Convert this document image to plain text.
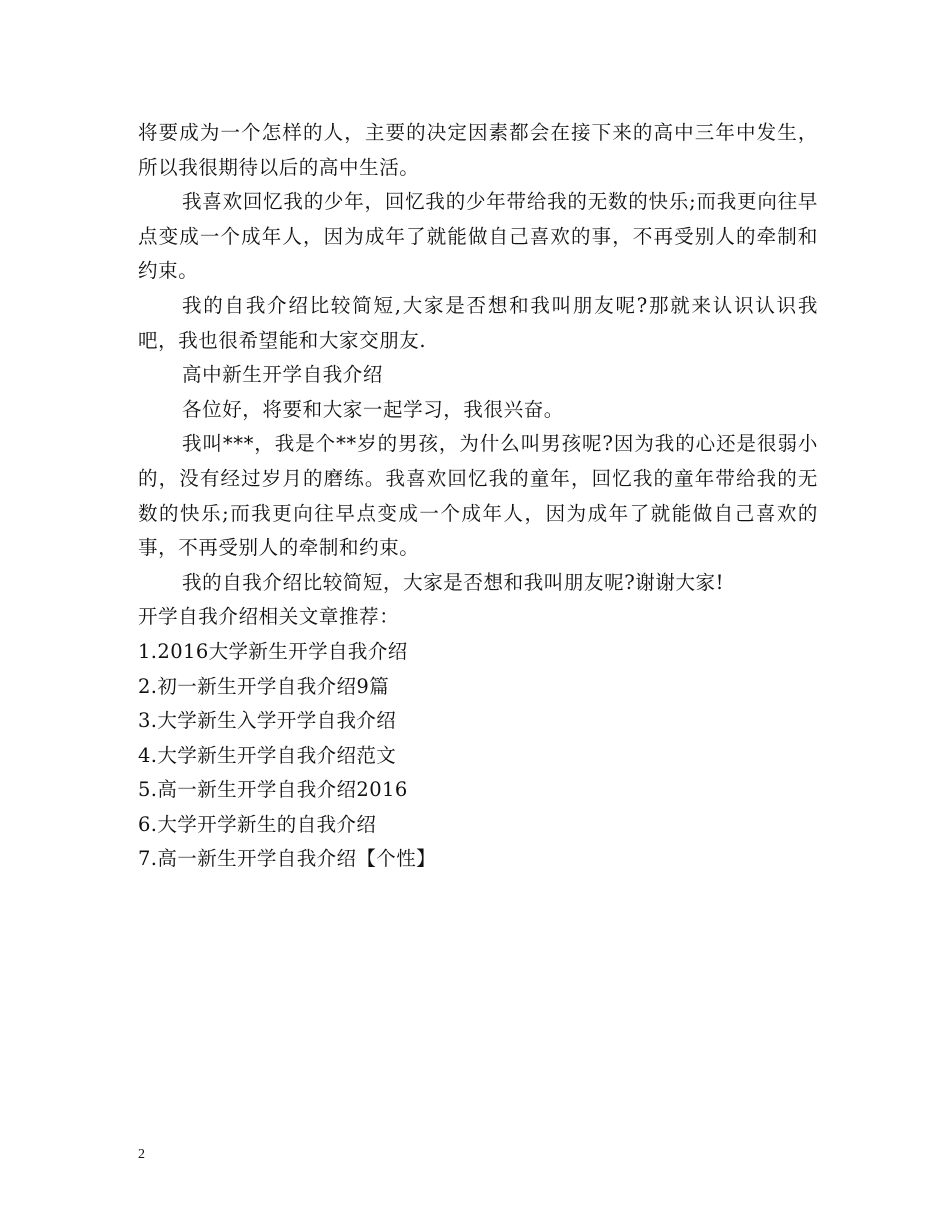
将要成为一个怎样的人，主要的决定因素都会在接下来的高中三年中发生，所以我很期待以后的高中生活。

我喜欢回忆我的少年，回忆我的少年带给我的无数的快乐;而我更向往早点变成一个成年人，因为成年了就能做自己喜欢的事，不再受别人的牵制和约束。

我的自我介绍比较简短,大家是否想和我叫朋友呢?那就来认识认识我吧，我也很希望能和大家交朋友.

高中新生开学自我介绍

各位好，将要和大家一起学习，我很兴奋。

我叫***，我是个**岁的男孩，为什么叫男孩呢?因为我的心还是很弱小的，没有经过岁月的磨练。我喜欢回忆我的童年，回忆我的童年带给我的无数的快乐;而我更向往早点变成一个成年人，因为成年了就能做自己喜欢的事，不再受别人的牵制和约束。

我的自我介绍比较简短，大家是否想和我叫朋友呢?谢谢大家!

开学自我介绍相关文章推荐：

1.2016大学新生开学自我介绍
2.初一新生开学自我介绍9篇
3.大学新生入学开学自我介绍
4.大学新生开学自我介绍范文
5.高一新生开学自我介绍2016
6.大学开学新生的自我介绍
7.高一新生开学自我介绍【个性】
2
